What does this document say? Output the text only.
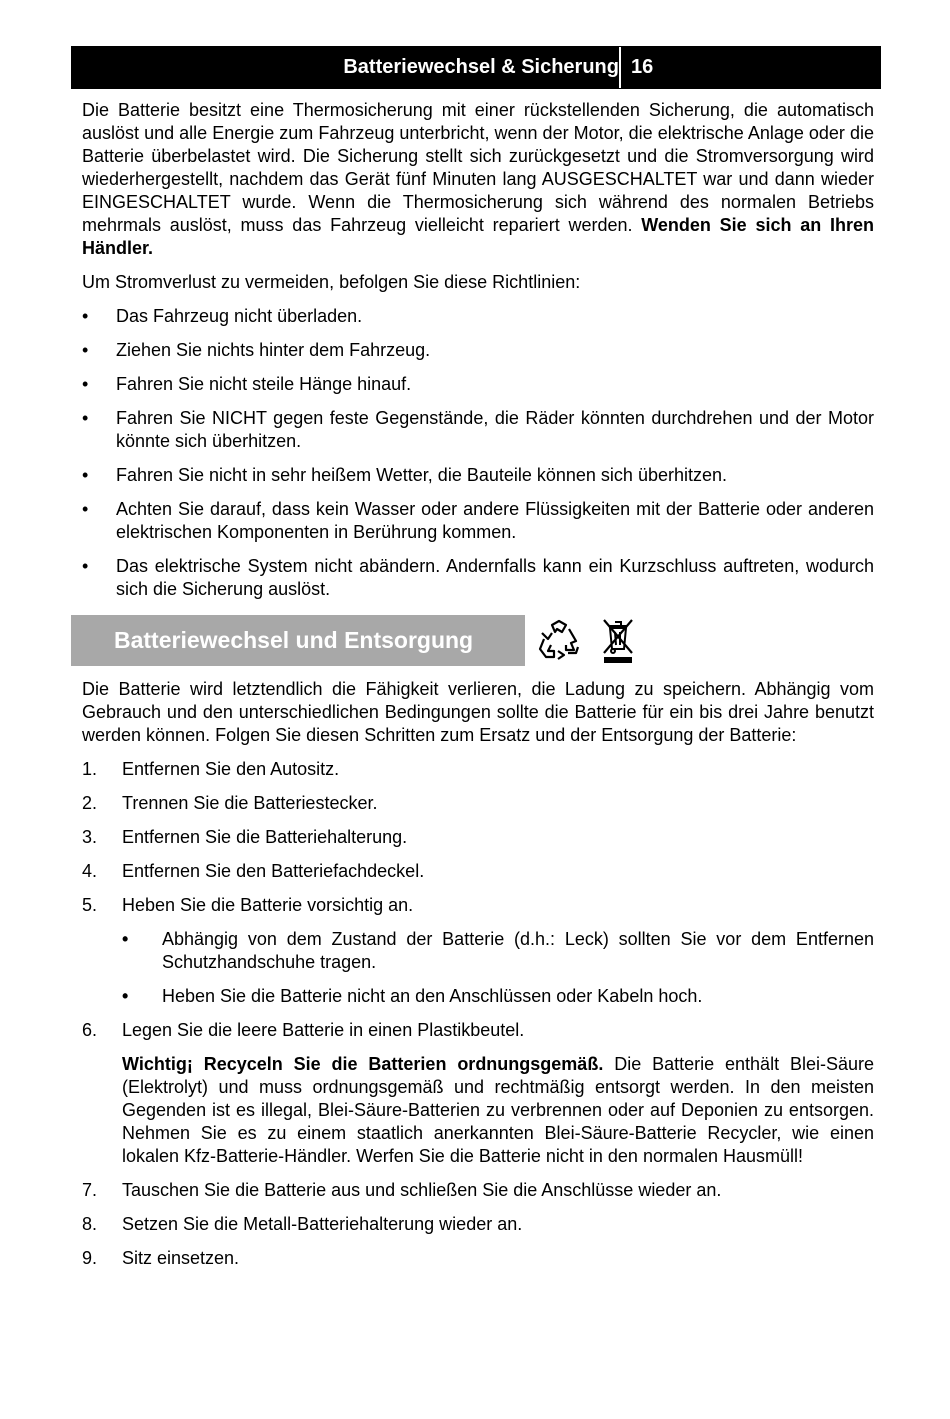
Batteriewechsel & Sicherung 16

Die Batterie besitzt eine Thermosicherung mit einer rückstellenden Sicherung, die automatisch auslöst und alle Energie zum Fahrzeug unterbricht, wenn der Motor, die elektrische Anlage oder die Batterie überbelastet wird. Die Sicherung stellt sich zurückgesetzt und die Stromversorgung wird wiederhergestellt, nachdem das Gerät fünf Minuten lang AUSGESCHALTET war und dann wieder EINGESCHALTET wurde. Wenn die Thermosicherung sich während des normalen Betriebs mehrmals auslöst, muss das Fahrzeug vielleicht repariert werden. Wenden Sie sich an Ihren Händler.

Um Stromverlust zu vermeiden, befolgen Sie diese Richtlinien:

• Das Fahrzeug nicht überladen.
• Ziehen Sie nichts hinter dem Fahrzeug.
• Fahren Sie nicht steile Hänge hinauf.
• Fahren Sie NICHT gegen feste Gegenstände, die Räder könnten durchdrehen und der Motor könnte sich überhitzen.
• Fahren Sie nicht in sehr heißem Wetter, die Bauteile können sich überhitzen.
• Achten Sie darauf, dass kein Wasser oder andere Flüssigkeiten mit der Batterie oder anderen elektrischen Komponenten in Berührung kommen.
• Das elektrische System nicht abändern. Andernfalls kann ein Kurzschluss auftreten, wodurch sich die Sicherung auslöst.
Batteriewechsel und Entsorgung

Die Batterie wird letztendlich die Fähigkeit verlieren, die Ladung zu speichern. Abhängig vom Gebrauch und den unterschiedlichen Bedingungen sollte die Batterie für ein bis drei Jahre benutzt werden können. Folgen Sie diesen Schritten zum Ersatz und der Entsorgung der Batterie:

1. Entfernen Sie den Autositz.
2. Trennen Sie die Batteriestecker.
3. Entfernen Sie die Batteriehalterung.
4. Entfernen Sie den Batteriefachdeckel.
5. Heben Sie die Batterie vorsichtig an.
• Abhängig von dem Zustand der Batterie (d.h.: Leck) sollten Sie vor dem Entfernen Schutzhandschuhe tragen.
• Heben Sie die Batterie nicht an den Anschlüssen oder Kabeln hoch.
6. Legen Sie die leere Batterie in einen Plastikbeutel.

Wichtig¡ Recyceln Sie die Batterien ordnungsgemäß. Die Batterie enthält Blei-Säure (Elektrolyt) und muss ordnungsgemäß und rechtmäßig entsorgt werden. In den meisten Gegenden ist es illegal, Blei-Säure-Batterien zu verbrennen oder auf Deponien zu entsorgen. Nehmen Sie es zu einem staatlich anerkannten Blei-Säure-Batterie Recycler, wie einen lokalen Kfz-Batterie-Händler. Werfen Sie die Batterie nicht in den normalen Hausmüll!

7. Tauschen Sie die Batterie aus und schließen Sie die Anschlüsse wieder an.
8. Setzen Sie die Metall-Batteriehalterung wieder an.
9. Sitz einsetzen.
